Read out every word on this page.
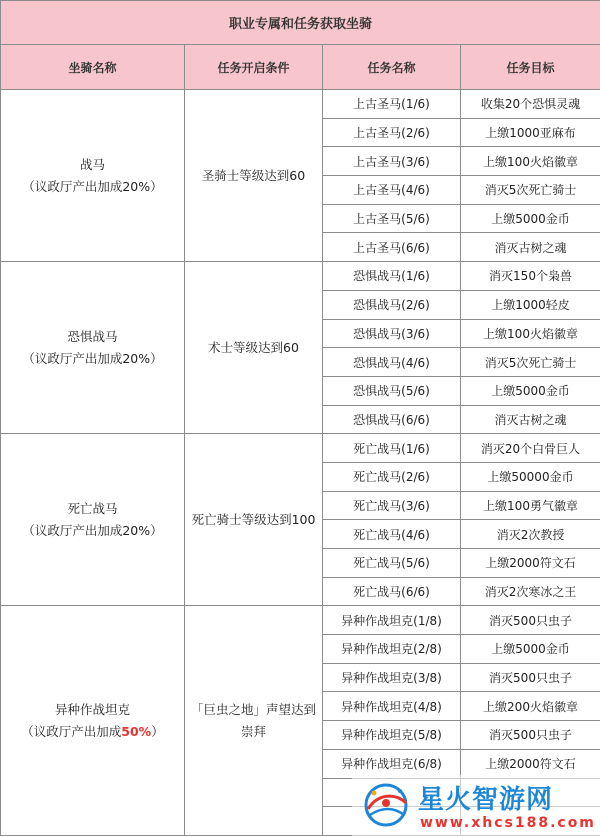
职业专属和任务获取坐骑			
坐骑名称	任务开启条件	任务名称	任务目标

战马
（议政厅产出加成20%）	圣骑士等级达到60	上古圣马(1/6)	收集20个恐惧灵魂
		上古圣马(2/6)	上缴1000亚麻布
		上古圣马(3/6)	上缴100火焰徽章
		上古圣马(4/6)	消灭5次死亡骑士
		上古圣马(5/6)	上缴5000金币
		上古圣马(6/6)	消灭古树之魂

恐惧战马
（议政厅产出加成20%）	术士等级达到60	恐惧战马(1/6)	消灭150个枭兽
		恐惧战马(2/6)	上缴1000轻皮
		恐惧战马(3/6)	上缴100火焰徽章
		恐惧战马(4/6)	消灭5次死亡骑士
		恐惧战马(5/6)	上缴5000金币
		恐惧战马(6/6)	消灭古树之魂

死亡战马
（议政厅产出加成20%）	死亡骑士等级达到100	死亡战马(1/6)	消灭20个白骨巨人
		死亡战马(2/6)	上缴50000金币
		死亡战马(3/6)	上缴100勇气徽章
		死亡战马(4/6)	消灭2次教授
		死亡战马(5/6)	上缴2000符文石
		死亡战马(6/6)	消灭2次寒冰之王

异种作战坦克
（议政厅产出加成50%）	「巨虫之地」声望达到崇拜	异种作战坦克(1/8)	消灭500只虫子
		异种作战坦克(2/8)	上缴5000金币
		异种作战坦克(3/8)	消灭500只虫子
		异种作战坦克(4/8)	上缴200火焰徽章
		异种作战坦克(5/8)	消灭500只虫子
		异种作战坦克(6/8)	上缴2000符文石

星火智游网
www.xhcs188.com
